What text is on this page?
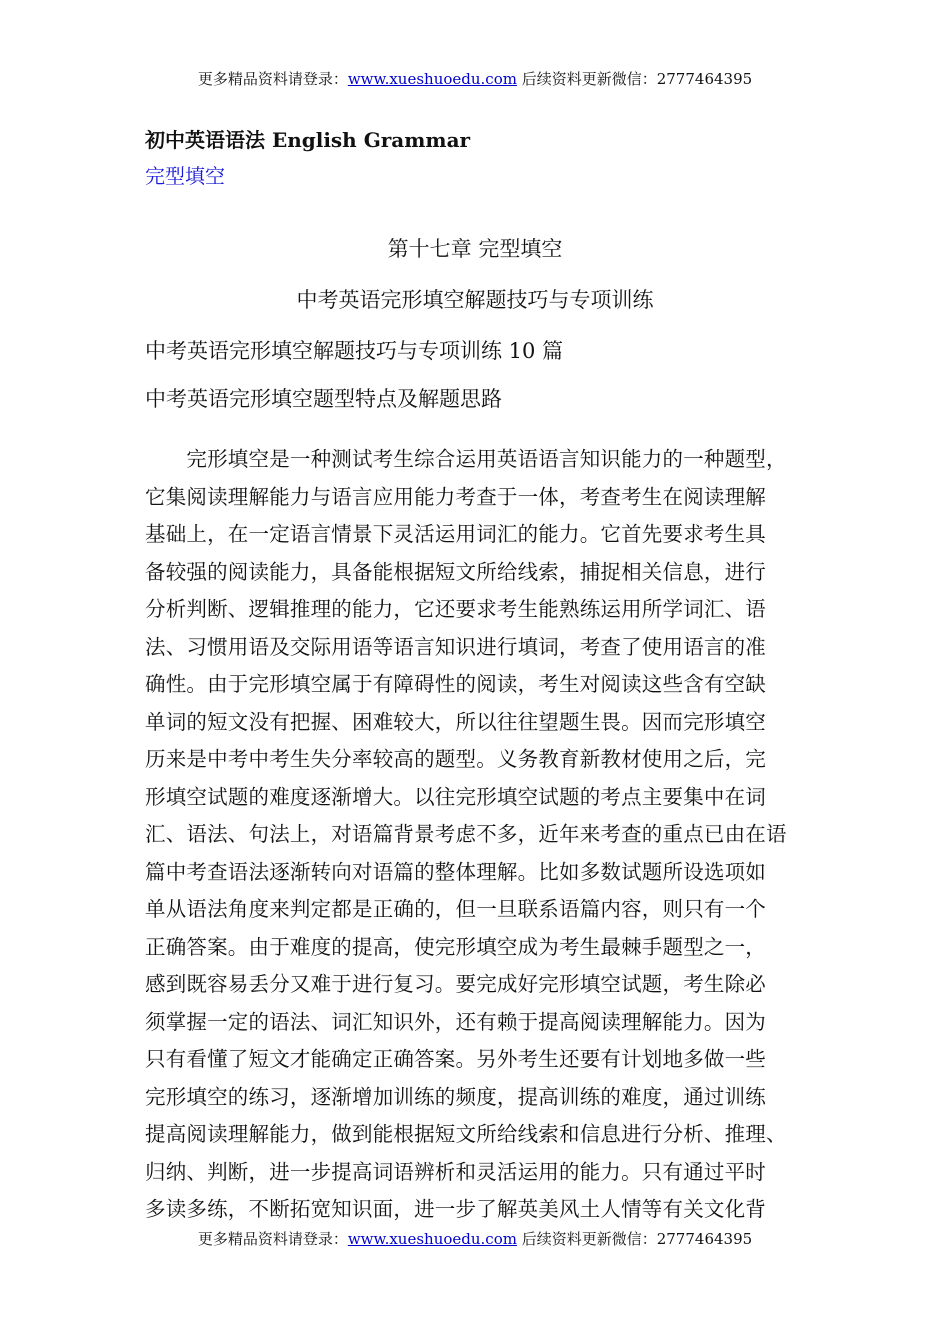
更多精品资料请登录：www.xueshuoedu.com 后续资料更新微信：2777464395
初中英语语法 English Grammar
完型填空
第十七章 完型填空
中考英语完形填空解题技巧与专项训练
中考英语完形填空解题技巧与专项训练 10 篇
中考英语完形填空题型特点及解题思路
　　完形填空是一种测试考生综合运用英语语言知识能力的一种题型，
它集阅读理解能力与语言应用能力考查于一体，考查考生在阅读理解
基础上，在一定语言情景下灵活运用词汇的能力。它首先要求考生具
备较强的阅读能力，具备能根据短文所给线索，捕捉相关信息，进行
分析判断、逻辑推理的能力，它还要求考生能熟练运用所学词汇、语
法、习惯用语及交际用语等语言知识进行填词，考查了使用语言的准
确性。由于完形填空属于有障碍性的阅读，考生对阅读这些含有空缺
单词的短文没有把握、困难较大，所以往往望题生畏。因而完形填空
历来是中考中考生失分率较高的题型。义务教育新教材使用之后，完
形填空试题的难度逐渐增大。以往完形填空试题的考点主要集中在词
汇、语法、句法上，对语篇背景考虑不多，近年来考查的重点已由在语
篇中考查语法逐渐转向对语篇的整体理解。比如多数试题所设选项如
单从语法角度来判定都是正确的，但一旦联系语篇内容，则只有一个
正确答案。由于难度的提高，使完形填空成为考生最棘手题型之一，
感到既容易丢分又难于进行复习。要完成好完形填空试题，考生除必
须掌握一定的语法、词汇知识外，还有赖于提高阅读理解能力。因为
只有看懂了短文才能确定正确答案。另外考生还要有计划地多做一些
完形填空的练习，逐渐增加训练的频度，提高训练的难度，通过训练
提高阅读理解能力，做到能根据短文所给线索和信息进行分析、推理、
归纳、判断，进一步提高词语辨析和灵活运用的能力。只有通过平时
多读多练，不断拓宽知识面，进一步了解英美风土人情等有关文化背
更多精品资料请登录：www.xueshuoedu.com 后续资料更新微信：2777464395
